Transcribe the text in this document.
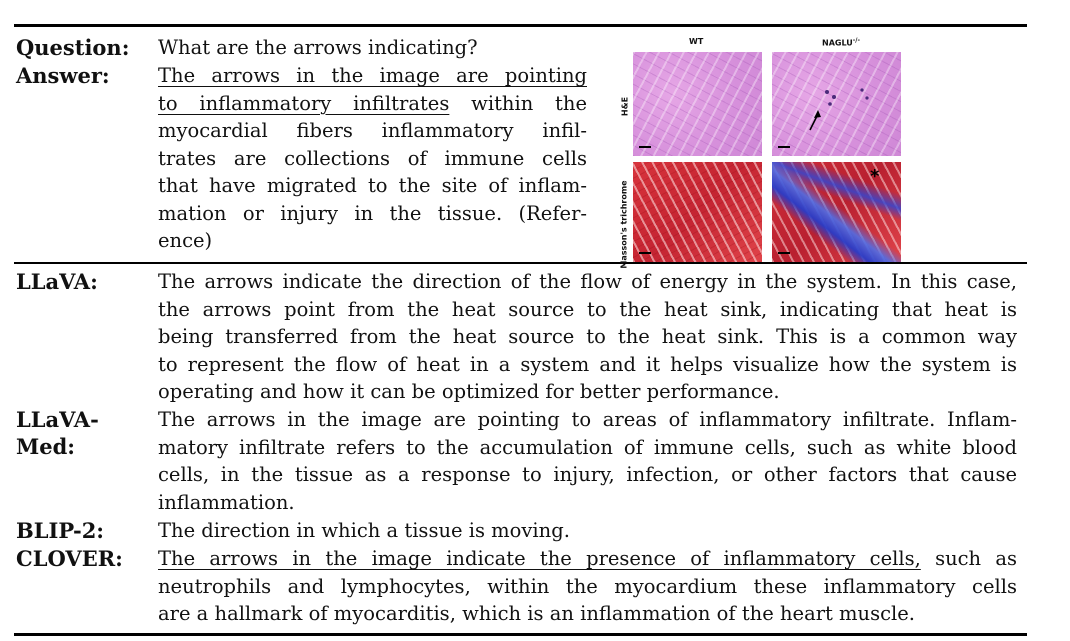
Question: What are the arrows indicating?
Answer: The arrows in the image are pointing
to inflammatory infiltrates within the
myocardial fibers inflammatory infil-
trates are collections of immune cells
that have migrated to the site of inflam-
mation or injury in the tissue. (Refer-
ence)
WT	NAGLU-/-
H&E
Masson's trichrome
*
LLaVA:	The arrows indicate the direction of the flow of energy in the system. In this case,
the arrows point from the heat source to the heat sink, indicating that heat is
being transferred from the heat source to the heat sink. This is a common way
to represent the flow of heat in a system and it helps visualize how the system is
operating and how it can be optimized for better performance.
LLaVA-
Med:
The arrows in the image are pointing to areas of inflammatory infiltrate. Inflam-
matory infiltrate refers to the accumulation of immune cells, such as white blood
cells, in the tissue as a response to injury, infection, or other factors that cause
inflammation.
BLIP-2:	The direction in which a tissue is moving.
CLOVER: The arrows in the image indicate the presence of inflammatory cells, such as
neutrophils and lymphocytes, within the myocardium these inflammatory cells
are a hallmark of myocarditis, which is an inflammation of the heart muscle.
